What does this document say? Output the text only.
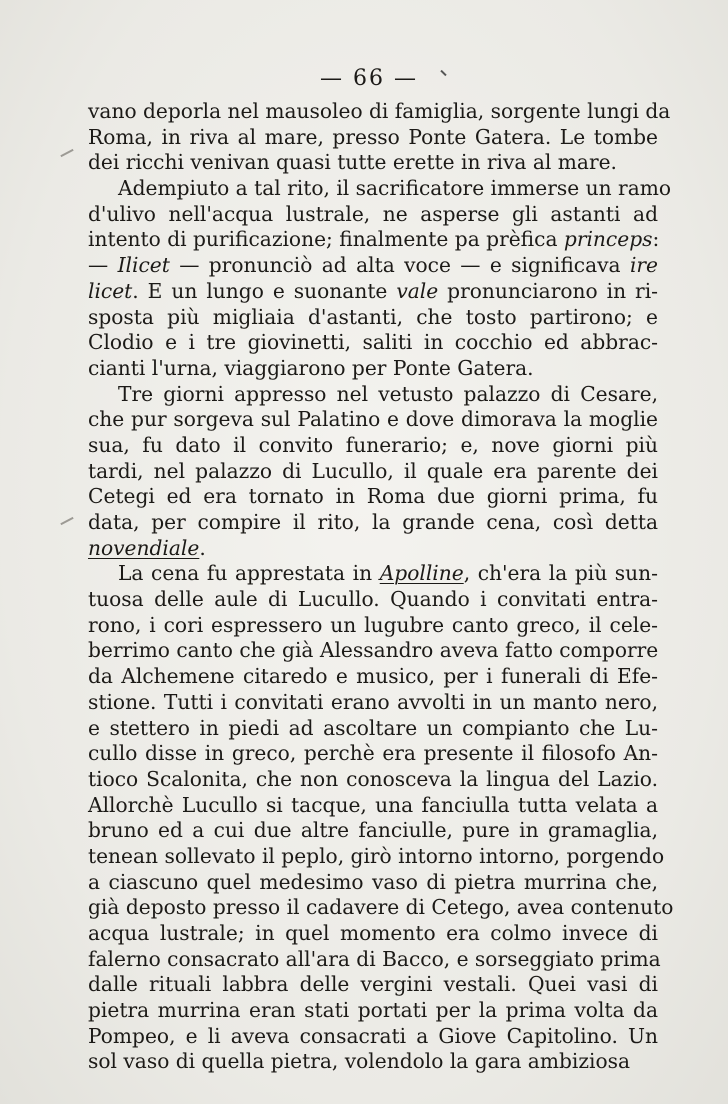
— 66 —
vano deporla nel mausoleo di famiglia, sorgente lungi da
Roma, in riva al mare, presso Ponte Gatera. Le tombe
dei ricchi venivan quasi tutte erette in riva al mare.
Adempiuto a tal rito, il sacrificatore immerse un ramo
d'ulivo nell'acqua lustrale, ne asperse gli astanti ad
intento di purificazione; finalmente pa prèfica princeps:
— Ilicet — pronunciò ad alta voce — e significava ire
licet. E un lungo e suonante vale pronunciarono in ri-
sposta più migliaia d'astanti, che tosto partirono; e
Clodio e i tre giovinetti, saliti in cocchio ed abbrac-
cianti l'urna, viaggiarono per Ponte Gatera.
Tre giorni appresso nel vetusto palazzo di Cesare,
che pur sorgeva sul Palatino e dove dimorava la moglie
sua, fu dato il convito funerario; e, nove giorni più
tardi, nel palazzo di Lucullo, il quale era parente dei
Cetegi ed era tornato in Roma due giorni prima, fu
data, per compire il rito, la grande cena, così detta
novendiale.
La cena fu apprestata in Apolline, ch'era la più sun-
tuosa delle aule di Lucullo. Quando i convitati entra-
rono, i cori espressero un lugubre canto greco, il cele-
berrimo canto che già Alessandro aveva fatto comporre
da Alchemene citaredo e musico, per i funerali di Efe-
stione. Tutti i convitati erano avvolti in un manto nero,
e stettero in piedi ad ascoltare un compianto che Lu-
cullo disse in greco, perchè era presente il filosofo An-
tioco Scalonita, che non conosceva la lingua del Lazio.
Allorchè Lucullo si tacque, una fanciulla tutta velata a
bruno ed a cui due altre fanciulle, pure in gramaglia,
tenean sollevato il peplo, girò intorno intorno, porgendo
a ciascuno quel medesimo vaso di pietra murrina che,
già deposto presso il cadavere di Cetego, avea contenuto
acqua lustrale; in quel momento era colmo invece di
falerno consacrato all'ara di Bacco, e sorseggiato prima
dalle rituali labbra delle vergini vestali. Quei vasi di
pietra murrina eran stati portati per la prima volta da
Pompeo, e li aveva consacrati a Giove Capitolino. Un
sol vaso di quella pietra, volendolo la gara ambiziosa
